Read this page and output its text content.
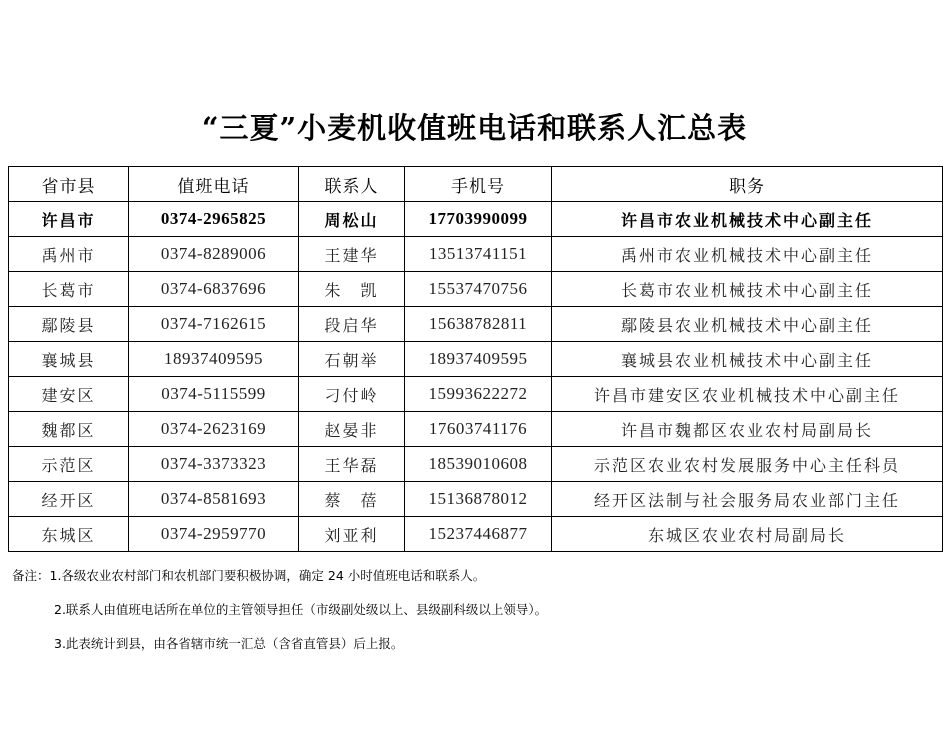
“三夏”小麦机收值班电话和联系人汇总表
省市县	值班电话	联系人	手机号	职务
许昌市	0374-2965825	周松山	17703990099	许昌市农业机械技术中心副主任
禹州市	0374-8289006	王建华	13513741151	禹州市农业机械技术中心副主任
长葛市	0374-6837696	朱　凯	15537470756	长葛市农业机械技术中心副主任
鄢陵县	0374-7162615	段启华	15638782811	鄢陵县农业机械技术中心副主任
襄城县	18937409595	石朝举	18937409595	襄城县农业机械技术中心副主任
建安区	0374-5115599	刁付岭	15993622272	许昌市建安区农业机械技术中心副主任
魏都区	0374-2623169	赵晏非	17603741176	许昌市魏都区农业农村局副局长
示范区	0374-3373323	王华磊	18539010608	示范区农业农村发展服务中心主任科员
经开区	0374-8581693	蔡　蓓	15136878012	经开区法制与社会服务局农业部门主任
东城区	0374-2959770	刘亚利	15237446877	东城区农业农村局副局长
备注：1.各级农业农村部门和农机部门要积极协调，确定 24 小时值班电话和联系人。
2.联系人由值班电话所在单位的主管领导担任（市级副处级以上、县级副科级以上领导）。
3.此表统计到县，由各省辖市统一汇总（含省直管县）后上报。
